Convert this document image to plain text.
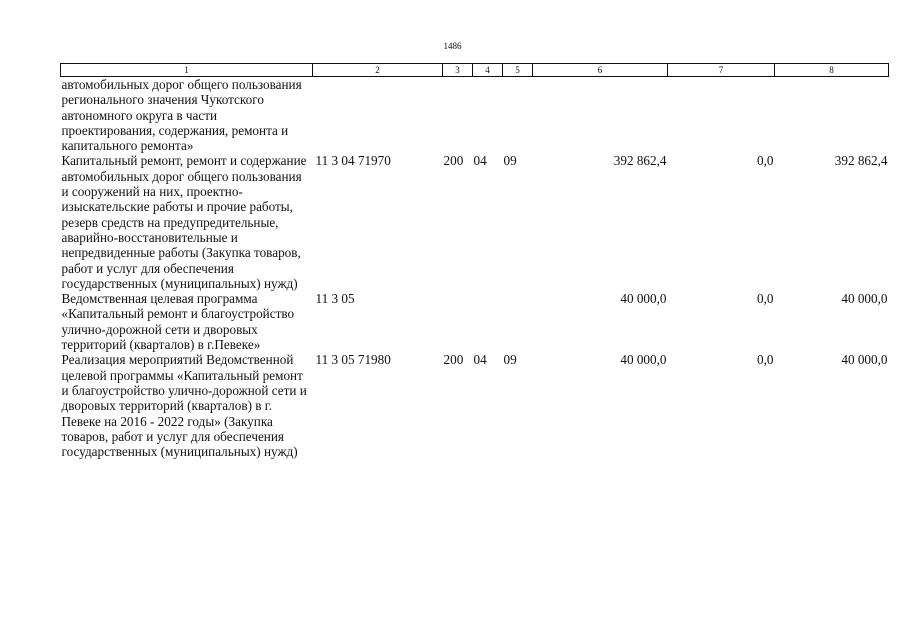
1486
1	2	3	4	5	6	7	8
автомобильных дорог общего пользования регионального значения Чукотского автономного округа в части проектирования, содержания, ремонта и капитального ремонта»							
Капитальный ремонт, ремонт и содержание автомобильных дорог общего пользования и сооружений на них, проектно-изыскательские работы и прочие работы, резерв средств на предупредительные, аварийно-восстановительные и непредвиденные работы (Закупка товаров, работ и услуг для обеспечения государственных (муниципальных) нужд)	11 3 04 71970	200	04	09	392 862,4	0,0	392 862,4
Ведомственная целевая программа «Капитальный ремонт и благоустройство улично-дорожной сети и дворовых территорий (кварталов) в г.Певеке»	11 3 05				40 000,0	0,0	40 000,0
Реализация мероприятий Ведомственной целевой программы «Капитальный ремонт и благоустройство улично-дорожной сети и дворовых территорий (кварталов) в г. Певеке на 2016 - 2022 годы» (Закупка товаров, работ и услуг для обеспечения государственных (муниципальных) нужд)	11 3 05 71980	200	04	09	40 000,0	0,0	40 000,0
